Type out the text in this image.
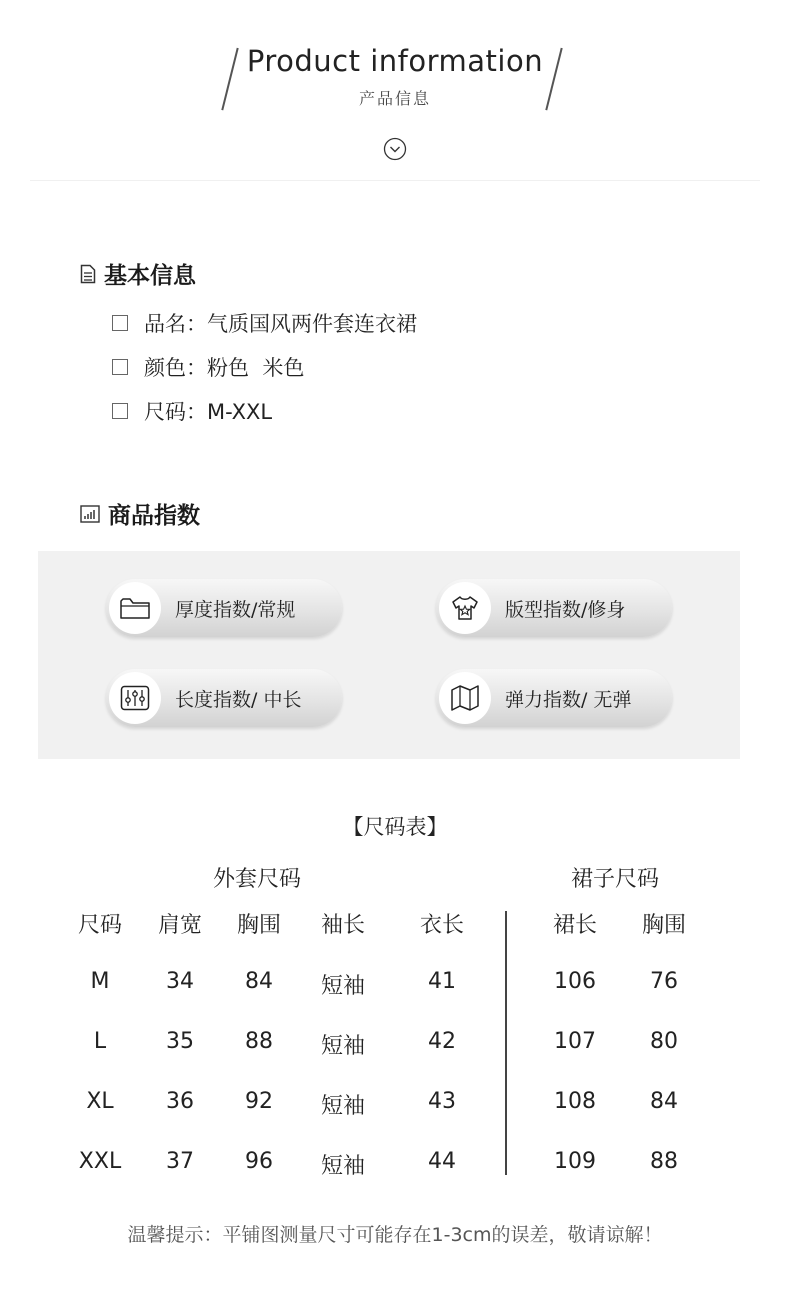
Product information
产品信息
基本信息
品名：气质国风两件套连衣裙
颜色：粉色  米色
尺码：M-XXL
商品指数
厚度指数/常规	版型指数/修身
长度指数/ 中长	弹力指数/ 无弹
【尺码表】
外套尺码	裙子尺码
尺码	肩宽	胸围	袖长	衣长	裙长	胸围
M	34	84	短袖	41	106	76
L	35	88	短袖	42	107	80
XL	36	92	短袖	43	108	84
XXL	37	96	短袖	44	109	88
温馨提示：平铺图测量尺寸可能存在1-3cm的误差，敬请谅解！
